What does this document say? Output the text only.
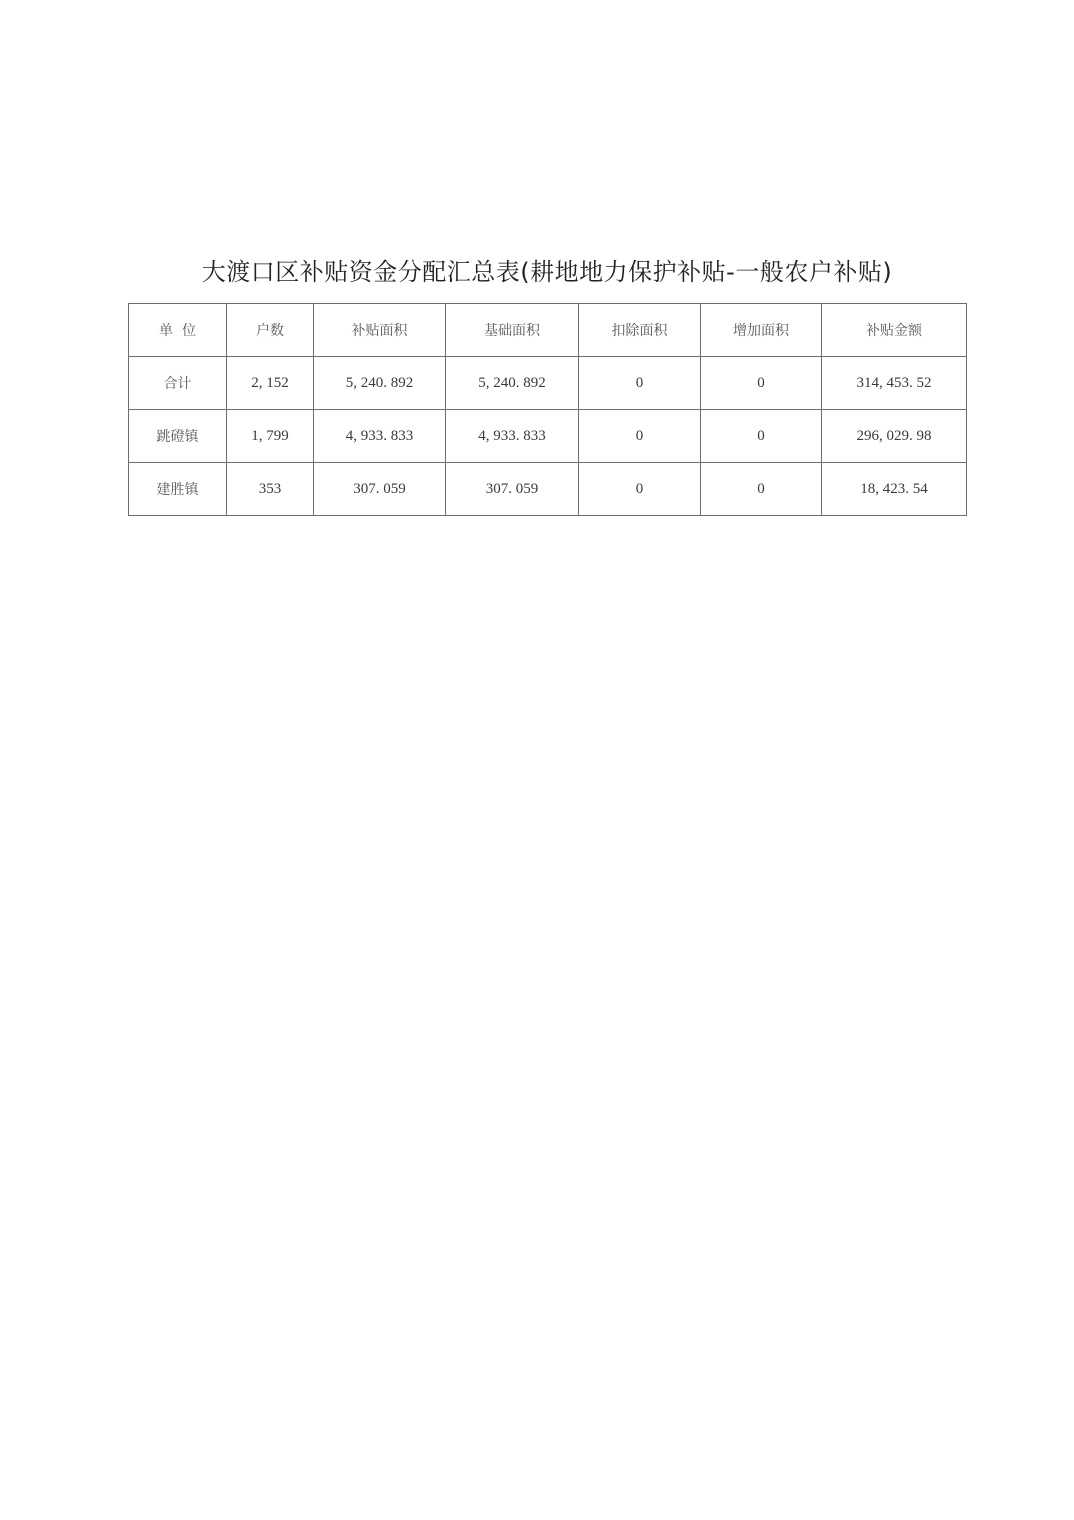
大渡口区补贴资金分配汇总表(耕地地力保护补贴-一般农户补贴)
单  位	户数	补贴面积	基础面积	扣除面积	增加面积	补贴金额
合计	2, 152	5, 240. 892	5, 240. 892	0	0	314, 453. 52
跳磴镇	1, 799	4, 933. 833	4, 933. 833	0	0	296, 029. 98
建胜镇	353	307. 059	307. 059	0	0	18, 423. 54
